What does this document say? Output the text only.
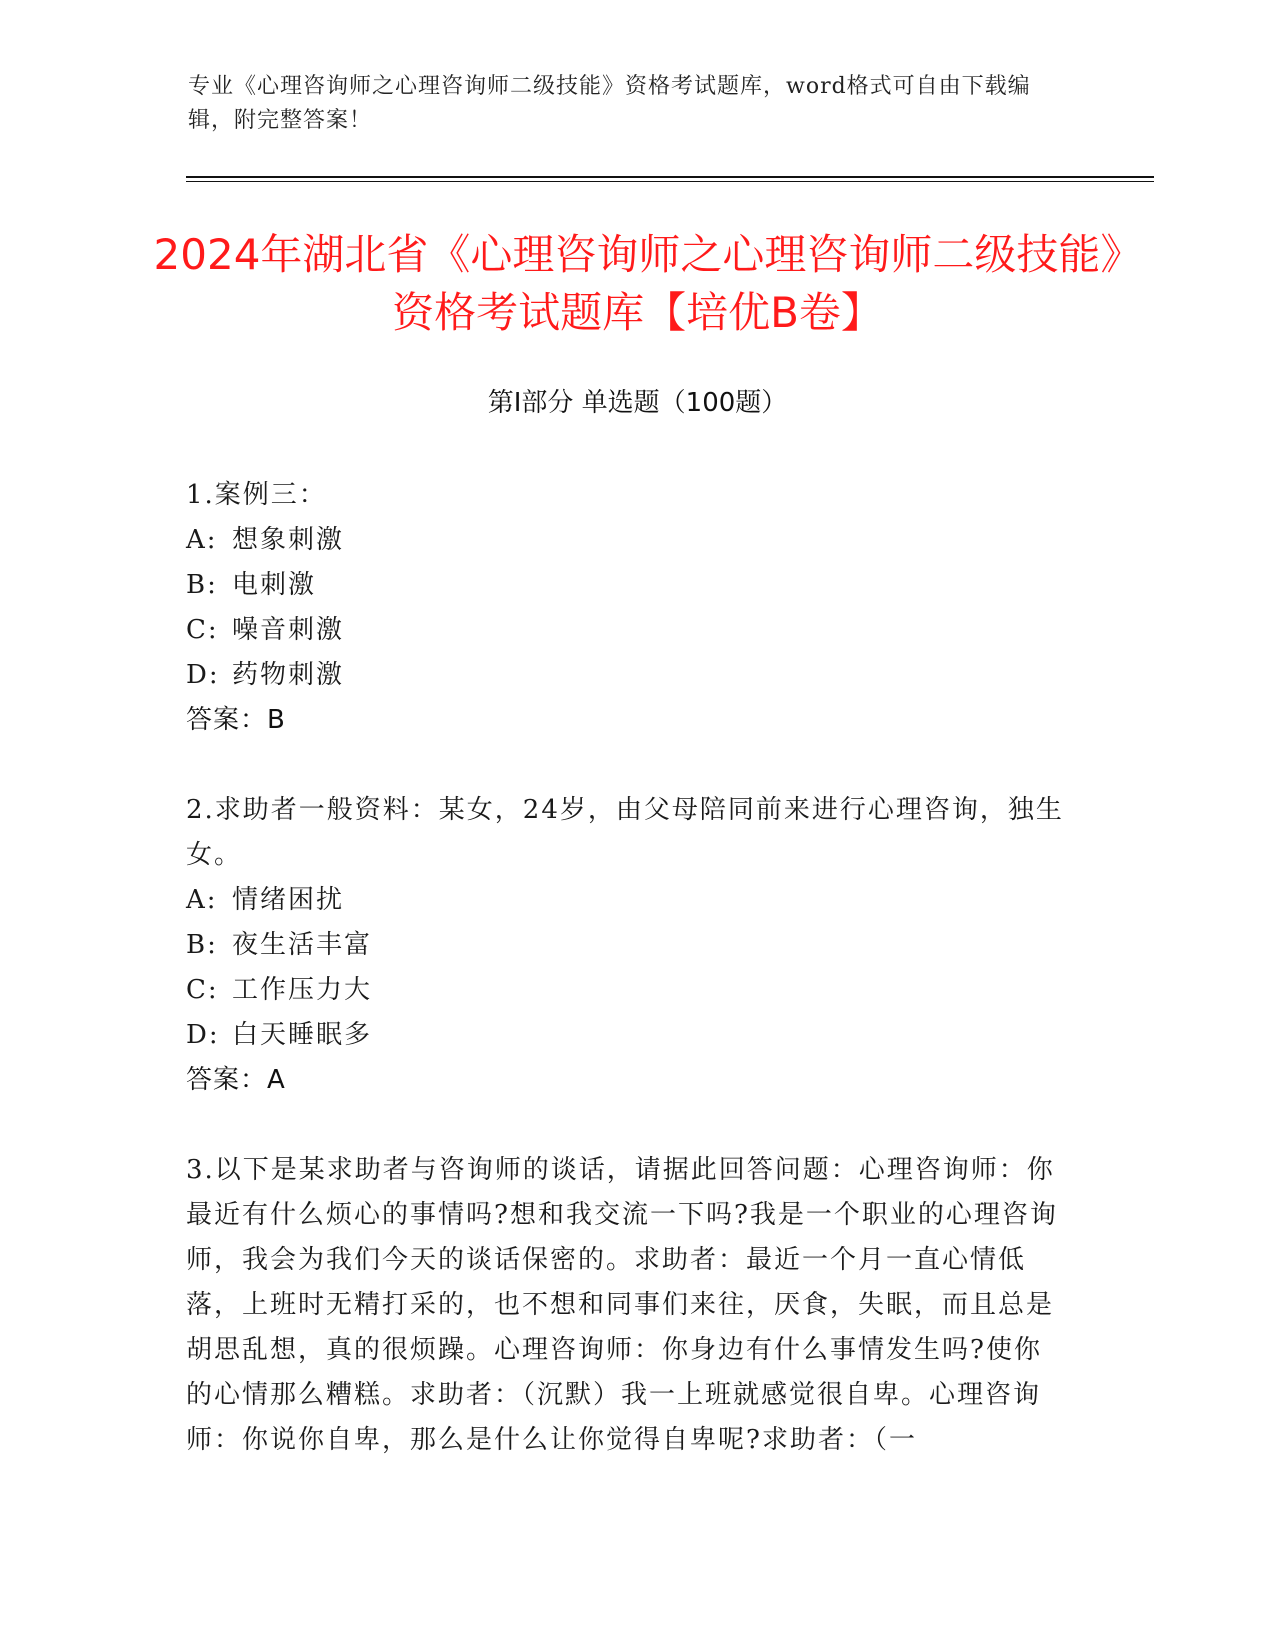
专业《心理咨询师之心理咨询师二级技能》资格考试题库，word格式可自由下载编辑，附完整答案！
2024年湖北省《心理咨询师之心理咨询师二级技能》资格考试题库【培优B卷】
第Ⅰ部分 单选题（100题）
1.案例三：
A: 想象刺激
B: 电刺激
C: 噪音刺激
D: 药物刺激
答案：B
2.求助者一般资料：某女，24岁，由父母陪同前来进行心理咨询，独生女。
A: 情绪困扰
B: 夜生活丰富
C: 工作压力大
D: 白天睡眠多
答案：A
3.以下是某求助者与咨询师的谈话，请据此回答问题：心理咨询师：你最近有什么烦心的事情吗?想和我交流一下吗?我是一个职业的心理咨询师，我会为我们今天的谈话保密的。求助者：最近一个月一直心情低落，上班时无精打采的，也不想和同事们来往，厌食，失眠，而且总是胡思乱想，真的很烦躁。心理咨询师：你身边有什么事情发生吗?使你的心情那么糟糕。求助者：（沉默）我一上班就感觉很自卑。心理咨询师：你说你自卑，那么是什么让你觉得自卑呢?求助者：（一
